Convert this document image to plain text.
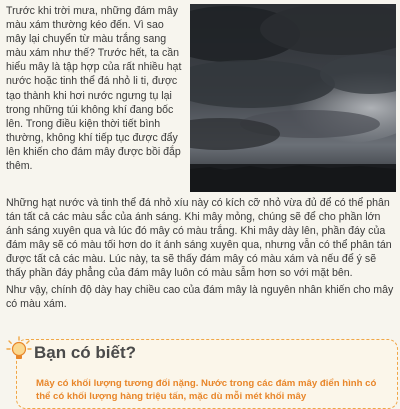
Trước khi trời mưa, những đám mây màu xám thường kéo đến. Vì sao mây lại chuyển từ màu trắng sang màu xám như thế? Trước hết, ta cần hiểu mây là tập hợp của rất nhiều hạt nước hoặc tinh thể đá nhỏ li ti, được tạo thành khi hơi nước ngưng tụ lại trong những túi không khí đang bốc lên. Trong điều kiện thời tiết bình thường, không khí tiếp tục được đẩy lên khiến cho đám mây được bồi đắp thêm.

Những hạt nước và tinh thể đá nhỏ xíu này có kích cỡ nhỏ vừa đủ để có thể phân tán tất cả các màu sắc của ánh sáng. Khi mây mỏng, chúng sẽ để cho phần lớn ánh sáng xuyên qua và lúc đó mây có màu trắng. Khi mây dày lên, phần đáy của đám mây sẽ có màu tối hơn do ít ánh sáng xuyên qua, nhưng vẫn có thể phân tán được tất cả các màu. Lúc này, ta sẽ thấy đám mây có màu xám và nếu để ý sẽ thấy phần đáy phẳng của đám mây luôn có màu sẫm hơn so với mặt bên.

Như vậy, chính độ dày hay chiều cao của đám mây là nguyên nhân khiến cho mây có màu xám.

Bạn có biết?

Mây có khối lượng tương đối nặng. Nước trong các đám mây điển hình có thể có khối lượng hàng triệu tấn, mặc dù mỗi mét khối mây
